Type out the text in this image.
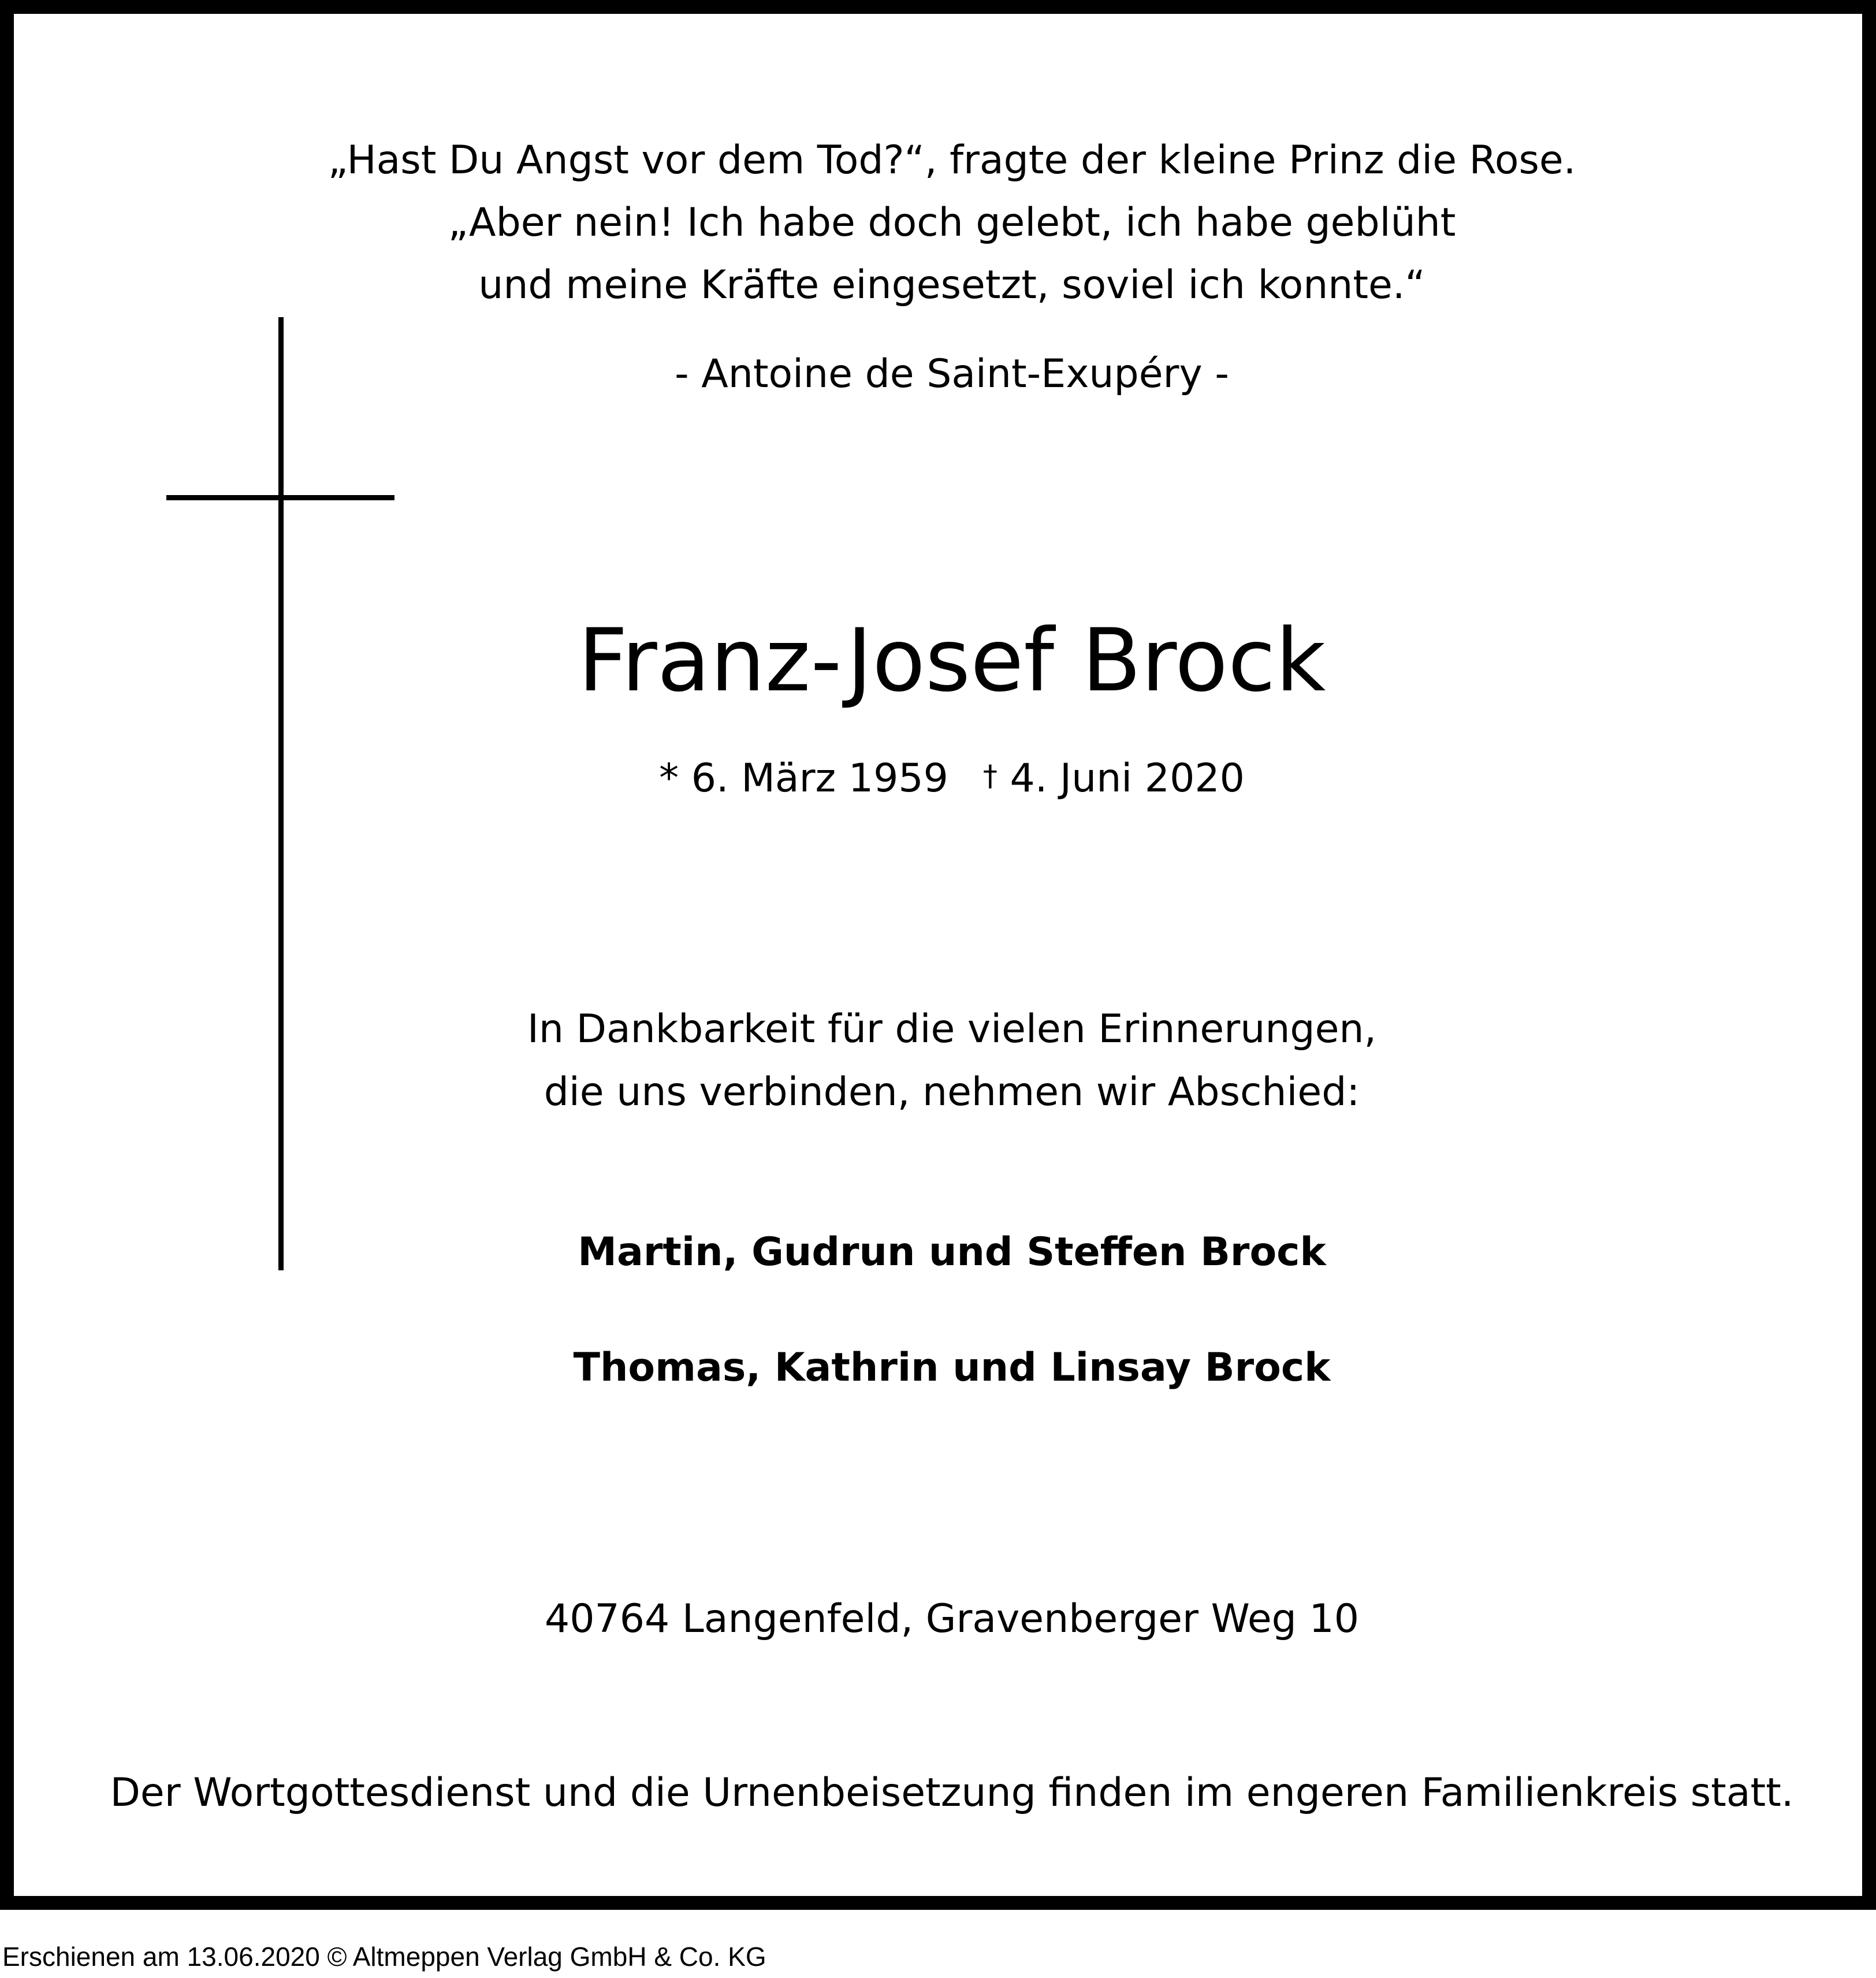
„Hast Du Angst vor dem Tod?“, fragte der kleine Prinz die Rose.
„Aber nein! Ich habe doch gelebt, ich habe geblüht
und meine Kräfte eingesetzt, soviel ich konnte.“
- Antoine de Saint-Exupéry -
Franz-Josef Brock
* 6. März 1959 † 4. Juni 2020
In Dankbarkeit für die vielen Erinnerungen,
die uns verbinden, nehmen wir Abschied:
Martin, Gudrun und Steffen Brock
Thomas, Kathrin und Linsay Brock
40764 Langenfeld, Gravenberger Weg 10
Der Wortgottesdienst und die Urnenbeisetzung finden im engeren Familienkreis statt.
Erschienen am 13.06.2020 © Altmeppen Verlag GmbH & Co. KG
